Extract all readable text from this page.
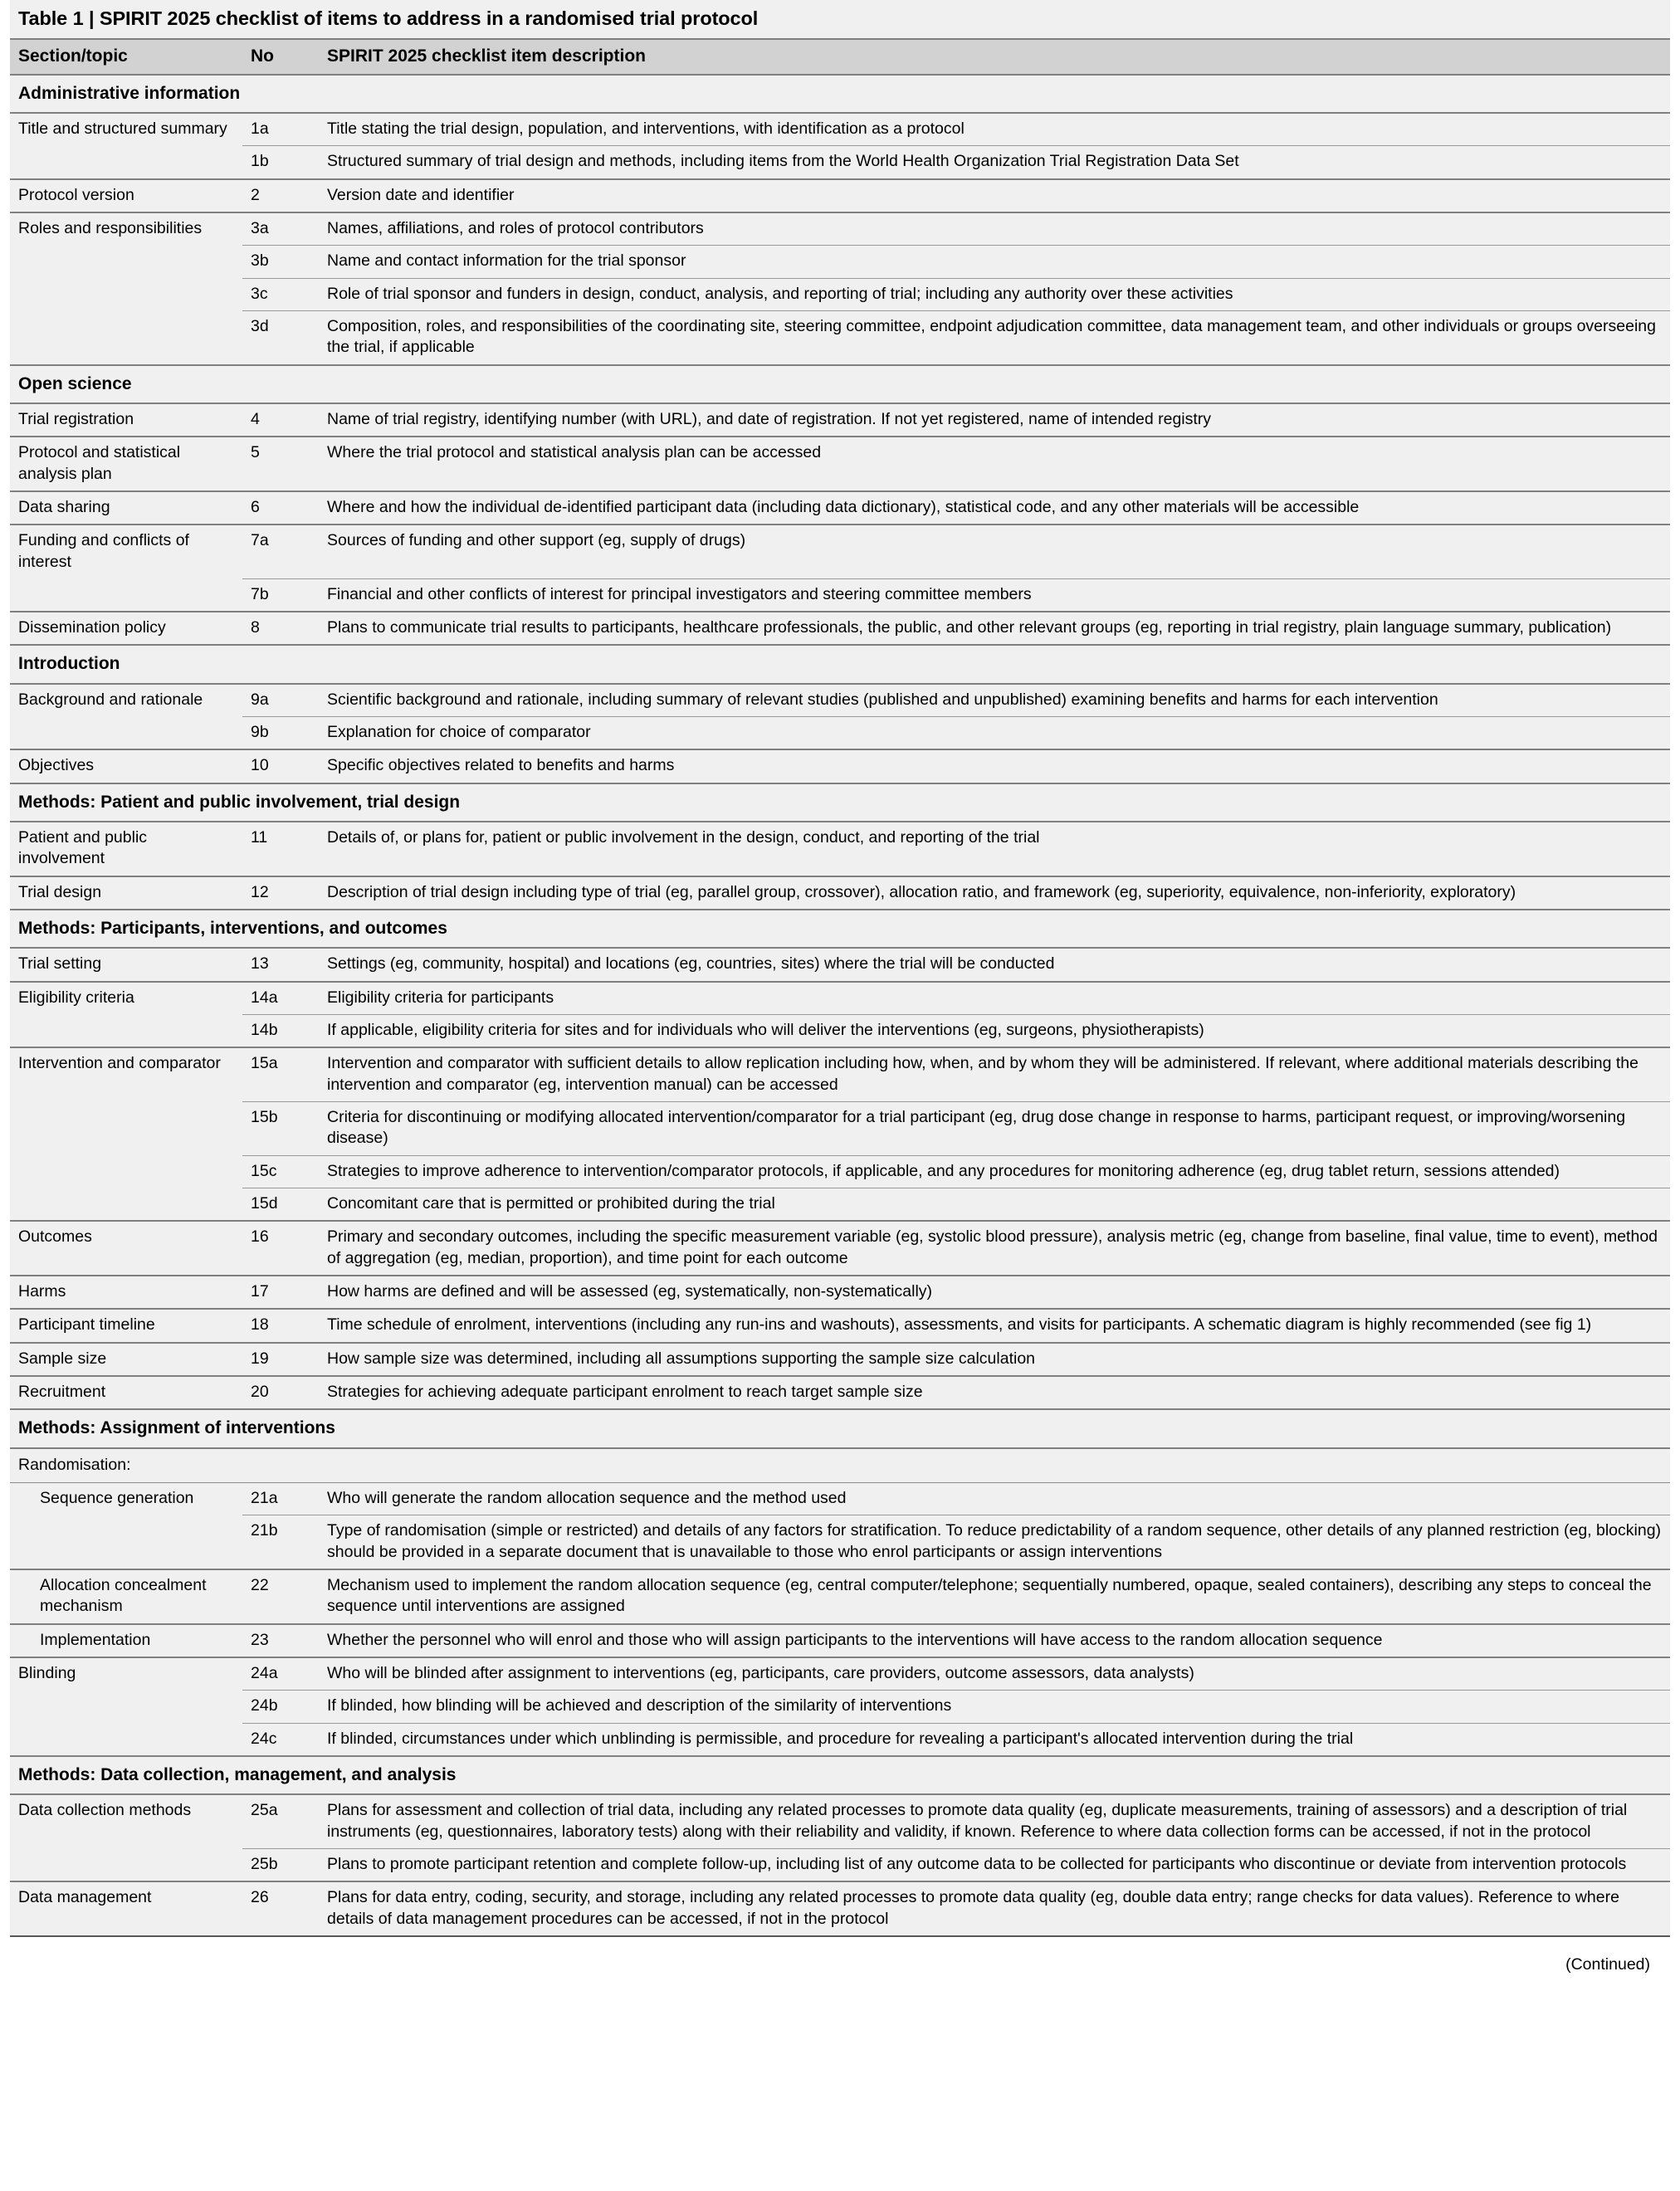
Table 1 | SPIRIT 2025 checklist of items to address in a randomised trial protocol
Section/topic	No	SPIRIT 2025 checklist item description
Administrative information		
Title and structured summary	1a	Title stating the trial design, population, and interventions, with identification as a protocol
	1b	Structured summary of trial design and methods, including items from the World Health Organization Trial Registration Data Set
Protocol version	2	Version date and identifier
Roles and responsibilities	3a	Names, affiliations, and roles of protocol contributors
	3b	Name and contact information for the trial sponsor
	3c	Role of trial sponsor and funders in design, conduct, analysis, and reporting of trial; including any authority over these activities
	3d	Composition, roles, and responsibilities of the coordinating site, steering committee, endpoint adjudication committee, data management team, and other individuals or groups overseeing the trial, if applicable
Open science		
Trial registration	4	Name of trial registry, identifying number (with URL), and date of registration. If not yet registered, name of intended registry
Protocol and statistical analysis plan	5	Where the trial protocol and statistical analysis plan can be accessed
Data sharing	6	Where and how the individual de-identified participant data (including data dictionary), statistical code, and any other materials will be accessible
Funding and conflicts of interest	7a	Sources of funding and other support (eg, supply of drugs)
	7b	Financial and other conflicts of interest for principal investigators and steering committee members
Dissemination policy	8	Plans to communicate trial results to participants, healthcare professionals, the public, and other relevant groups (eg, reporting in trial registry, plain language summary, publication)
Introduction		
Background and rationale	9a	Scientific background and rationale, including summary of relevant studies (published and unpublished) examining benefits and harms for each intervention
	9b	Explanation for choice of comparator
Objectives	10	Specific objectives related to benefits and harms
Methods: Patient and public involvement, trial design		
Patient and public involvement	11	Details of, or plans for, patient or public involvement in the design, conduct, and reporting of the trial
Trial design	12	Description of trial design including type of trial (eg, parallel group, crossover), allocation ratio, and framework (eg, superiority, equivalence, non-inferiority, exploratory)
Methods: Participants, interventions, and outcomes		
Trial setting	13	Settings (eg, community, hospital) and locations (eg, countries, sites) where the trial will be conducted
Eligibility criteria	14a	Eligibility criteria for participants
	14b	If applicable, eligibility criteria for sites and for individuals who will deliver the interventions (eg, surgeons, physiotherapists)
Intervention and comparator	15a	Intervention and comparator with sufficient details to allow replication including how, when, and by whom they will be administered. If relevant, where additional materials describing the intervention and comparator (eg, intervention manual) can be accessed
	15b	Criteria for discontinuing or modifying allocated intervention/comparator for a trial participant (eg, drug dose change in response to harms, participant request, or improving/worsening disease)
	15c	Strategies to improve adherence to intervention/comparator protocols, if applicable, and any procedures for monitoring adherence (eg, drug tablet return, sessions attended)
	15d	Concomitant care that is permitted or prohibited during the trial
Outcomes	16	Primary and secondary outcomes, including the specific measurement variable (eg, systolic blood pressure), analysis metric (eg, change from baseline, final value, time to event), method of aggregation (eg, median, proportion), and time point for each outcome
Harms	17	How harms are defined and will be assessed (eg, systematically, non-systematically)
Participant timeline	18	Time schedule of enrolment, interventions (including any run-ins and washouts), assessments, and visits for participants. A schematic diagram is highly recommended (see fig 1)
Sample size	19	How sample size was determined, including all assumptions supporting the sample size calculation
Recruitment	20	Strategies for achieving adequate participant enrolment to reach target sample size
Methods: Assignment of interventions		
Randomisation:		
Sequence generation	21a	Who will generate the random allocation sequence and the method used
	21b	Type of randomisation (simple or restricted) and details of any factors for stratification. To reduce predictability of a random sequence, other details of any planned restriction (eg, blocking) should be provided in a separate document that is unavailable to those who enrol participants or assign interventions
Allocation concealment mechanism	22	Mechanism used to implement the random allocation sequence (eg, central computer/telephone; sequentially numbered, opaque, sealed containers), describing any steps to conceal the sequence until interventions are assigned
Implementation	23	Whether the personnel who will enrol and those who will assign participants to the interventions will have access to the random allocation sequence
Blinding	24a	Who will be blinded after assignment to interventions (eg, participants, care providers, outcome assessors, data analysts)
	24b	If blinded, how blinding will be achieved and description of the similarity of interventions
	24c	If blinded, circumstances under which unblinding is permissible, and procedure for revealing a participant's allocated intervention during the trial
Methods: Data collection, management, and analysis		
Data collection methods	25a	Plans for assessment and collection of trial data, including any related processes to promote data quality (eg, duplicate measurements, training of assessors) and a description of trial instruments (eg, questionnaires, laboratory tests) along with their reliability and validity, if known. Reference to where data collection forms can be accessed, if not in the protocol
	25b	Plans to promote participant retention and complete follow-up, including list of any outcome data to be collected for participants who discontinue or deviate from intervention protocols
Data management	26	Plans for data entry, coding, security, and storage, including any related processes to promote data quality (eg, double data entry; range checks for data values). Reference to where details of data management procedures can be accessed, if not in the protocol
(Continued)
